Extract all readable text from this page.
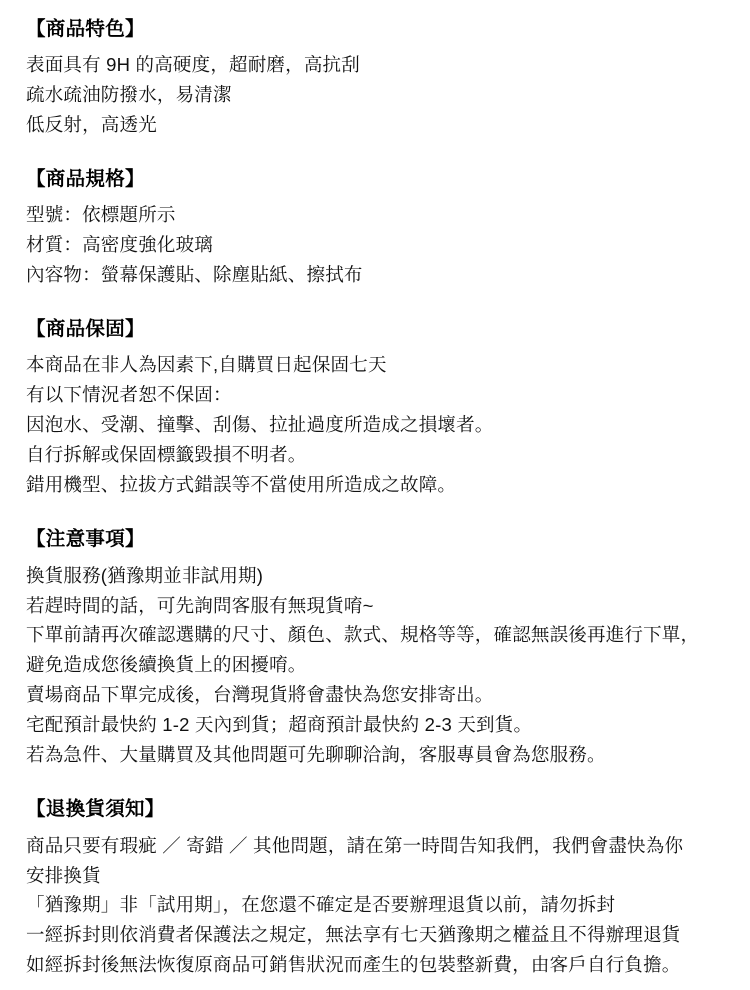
【商品特色】

表面具有 9H 的高硬度，超耐磨，高抗刮

疏水疏油防撥水，易清潔

低反射，高透光

【商品規格】

型號：依標題所示

材質：高密度強化玻璃

內容物：螢幕保護貼、除塵貼紙、擦拭布

【商品保固】

本商品在非人為因素下,自購買日起保固七天

有以下情況者恕不保固：

因泡水、受潮、撞擊、刮傷、拉扯過度所造成之損壞者。

自行拆解或保固標籤毀損不明者。

錯用機型、拉拔方式錯誤等不當使用所造成之故障。

【注意事項】

換貨服務(猶豫期並非試用期)

若趕時間的話，可先詢問客服有無現貨唷~

下單前請再次確認選購的尺寸、顏色、款式、規格等等，確認無誤後再進行下單，

避免造成您後續換貨上的困擾唷。

賣場商品下單完成後，台灣現貨將會盡快為您安排寄出。

宅配預計最快約 1-2 天內到貨；超商預計最快約 2-3 天到貨。

若為急件、大量購買及其他問題可先聊聊洽詢，客服專員會為您服務。

【退換貨須知】

商品只要有瑕疵 ／ 寄錯 ／ 其他問題，請在第一時間告知我們，我們會盡快為你

安排換貨

「猶豫期」非「試用期」，在您還不確定是否要辦理退貨以前，請勿拆封

一經拆封則依消費者保護法之規定，無法享有七天猶豫期之權益且不得辦理退貨

如經拆封後無法恢復原商品可銷售狀況而產生的包裝整新費，由客戶自行負擔。
